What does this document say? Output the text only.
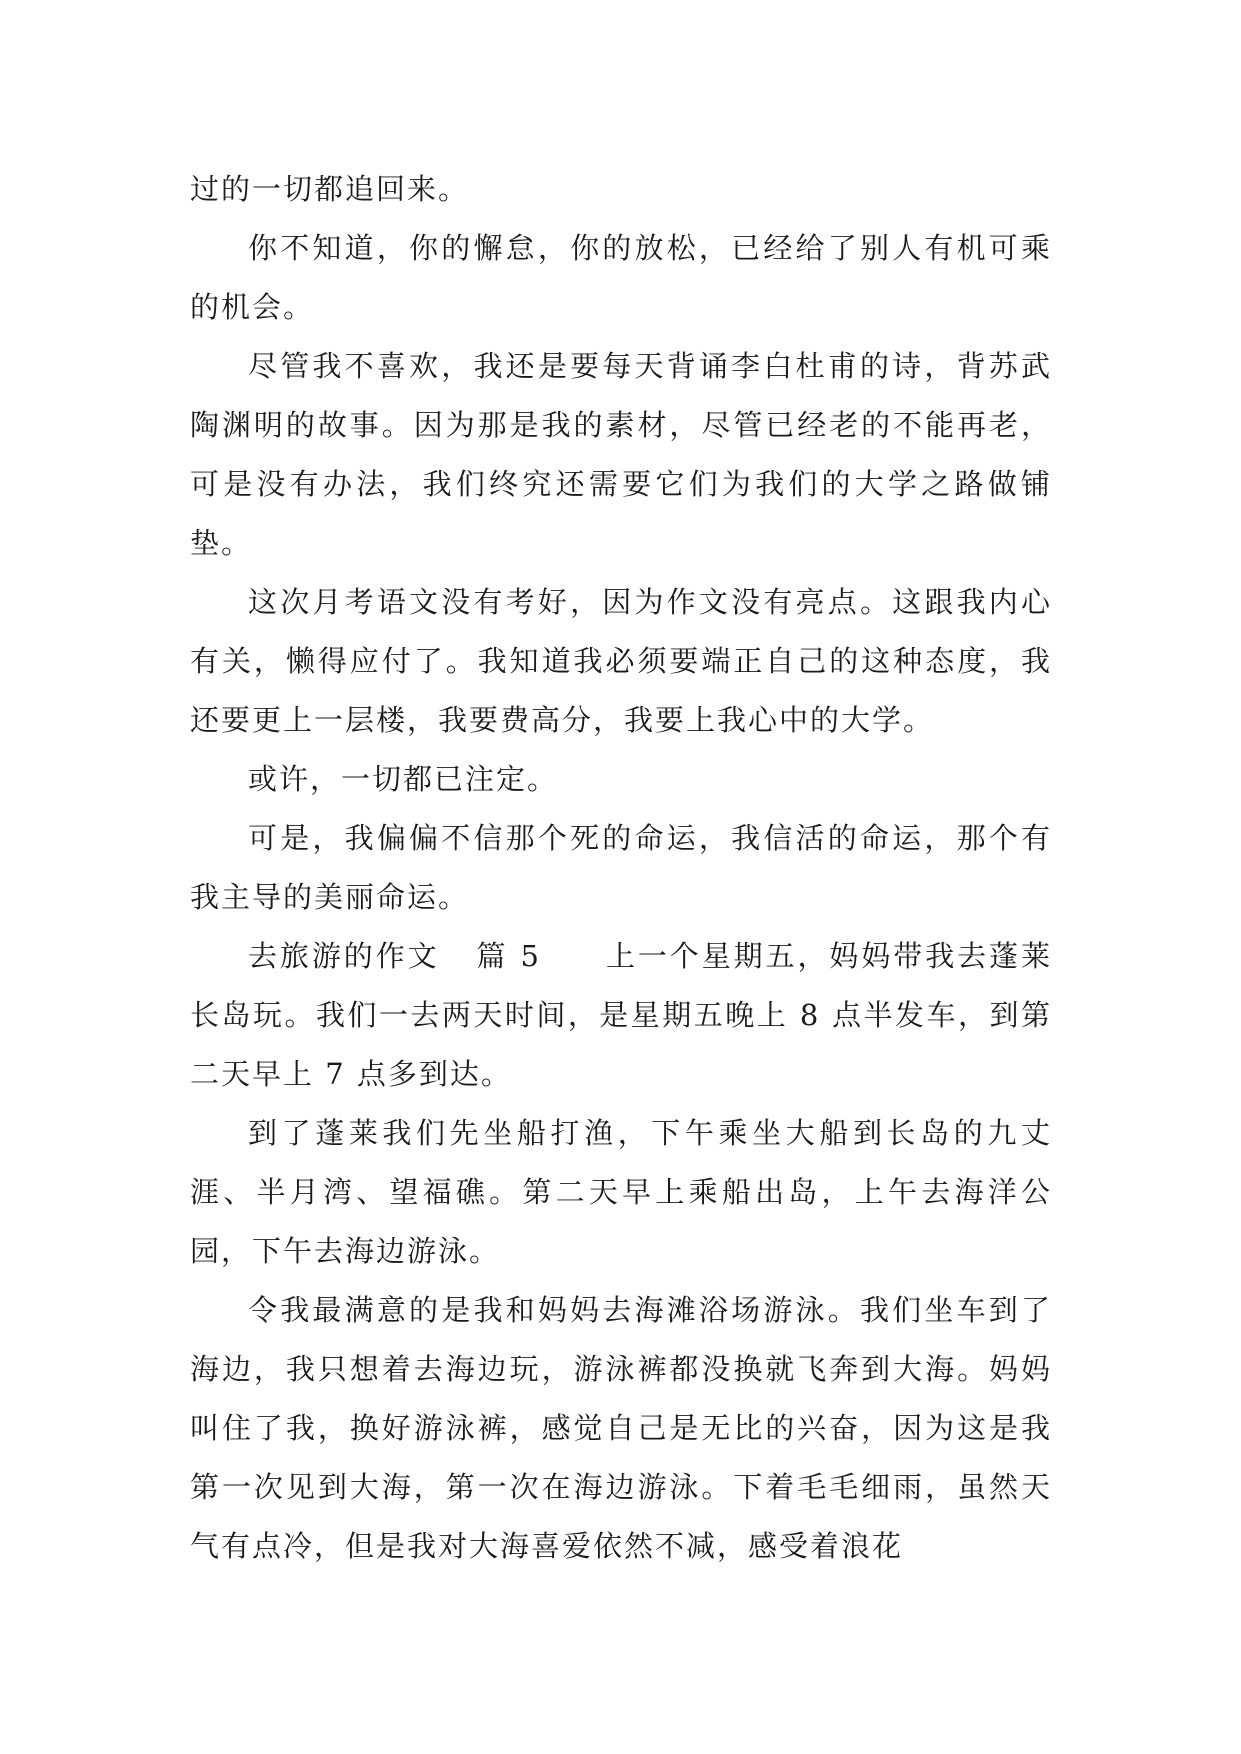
过的一切都追回来。

你不知道，你的懈怠，你的放松，已经给了别人有机可乘的机会。

尽管我不喜欢，我还是要每天背诵李白杜甫的诗，背苏武陶渊明的故事。因为那是我的素材，尽管已经老的不能再老，可是没有办法，我们终究还需要它们为我们的大学之路做铺垫。

这次月考语文没有考好，因为作文没有亮点。这跟我内心有关，懒得应付了。我知道我必须要端正自己的这种态度，我还要更上一层楼，我要费高分，我要上我心中的大学。

或许，一切都已注定。

可是，我偏偏不信那个死的命运，我信活的命运，那个有我主导的美丽命运。

去旅游的作文 篇 5 上一个星期五，妈妈带我去蓬莱长岛玩。我们一去两天时间，是星期五晚上 8 点半发车，到第二天早上 7 点多到达。

到了蓬莱我们先坐船打渔，下午乘坐大船到长岛的九丈涯、半月湾、望福礁。第二天早上乘船出岛，上午去海洋公园，下午去海边游泳。

令我最满意的是我和妈妈去海滩浴场游泳。我们坐车到了海边，我只想着去海边玩，游泳裤都没换就飞奔到大海。妈妈叫住了我，换好游泳裤，感觉自己是无比的兴奋，因为这是我第一次见到大海，第一次在海边游泳。下着毛毛细雨，虽然天气有点冷，但是我对大海喜爱依然不减，感受着浪花
